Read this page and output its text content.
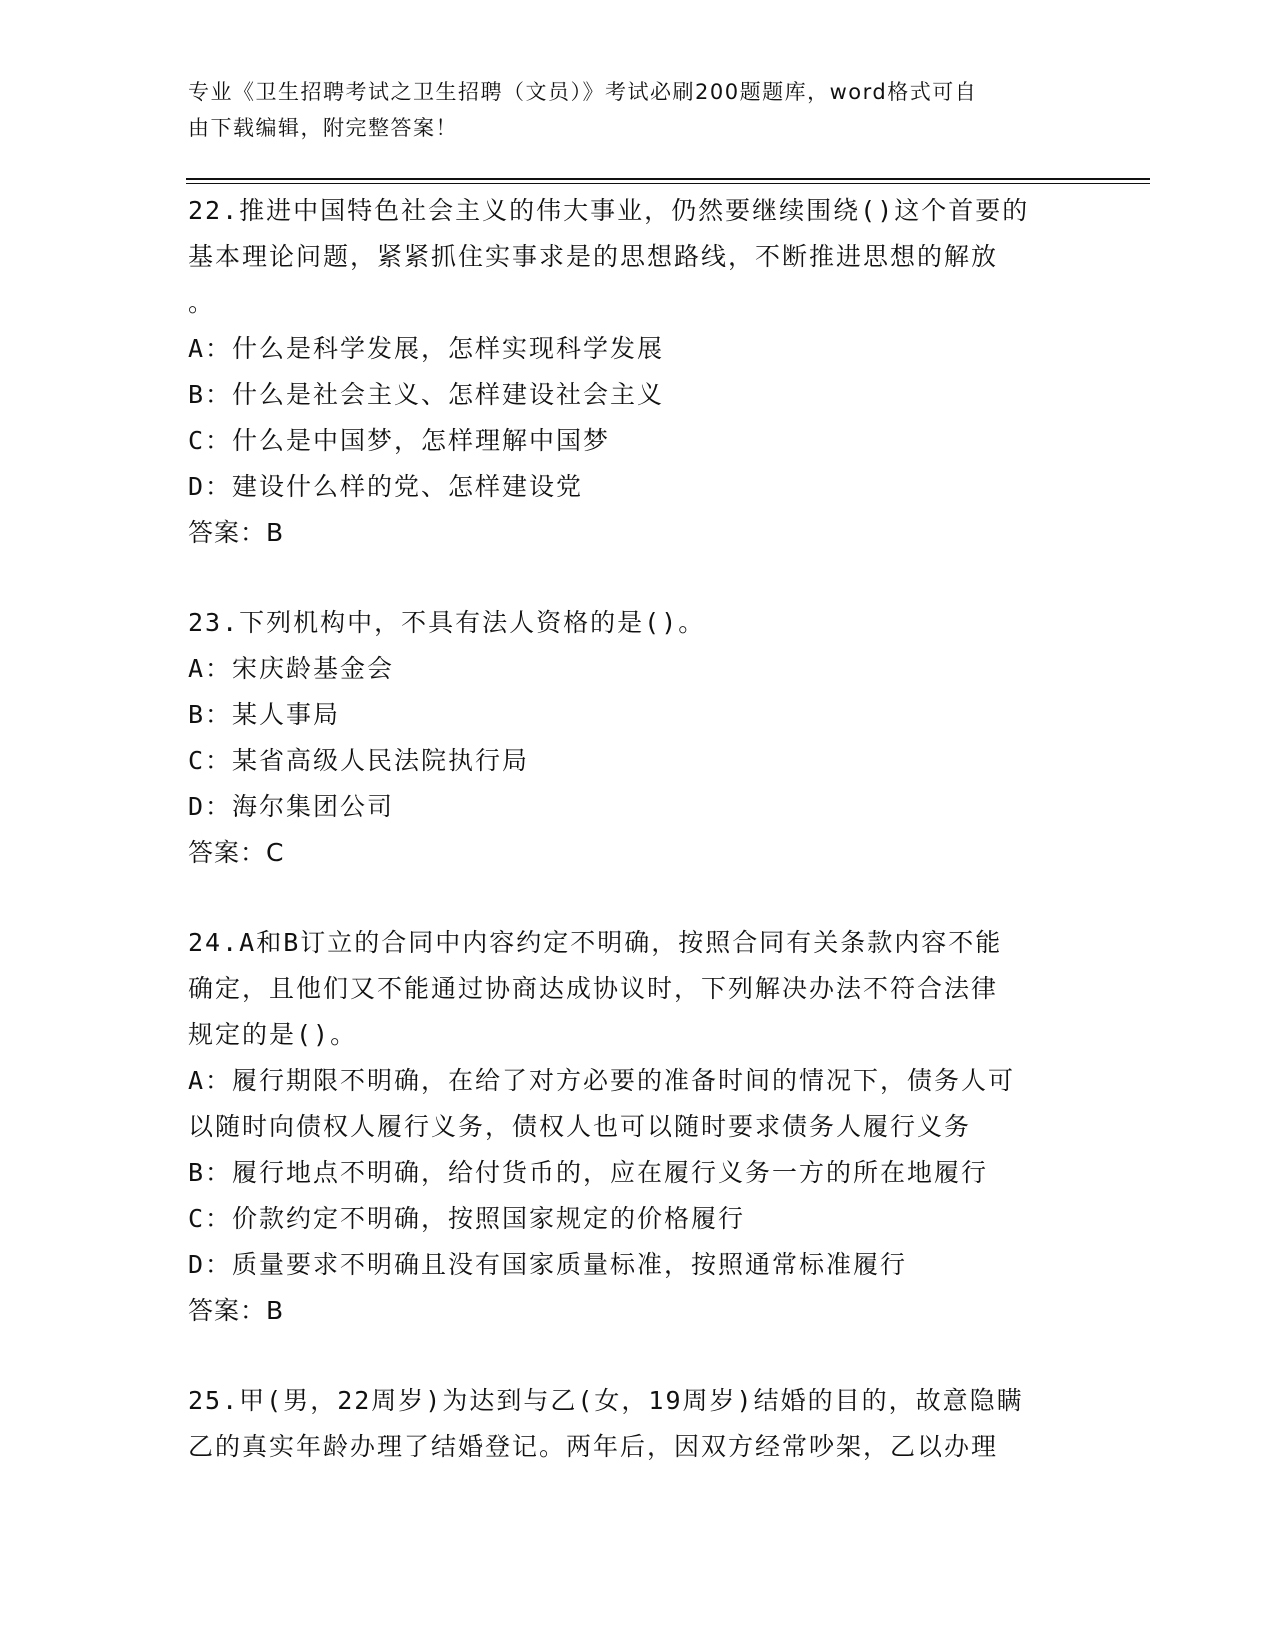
专业《卫生招聘考试之卫生招聘（文员）》考试必刷200题题库，word格式可自
由下载编辑，附完整答案！
22.推进中国特色社会主义的伟大事业，仍然要继续围绕()这个首要的
基本理论问题，紧紧抓住实事求是的思想路线，不断推进思想的解放
。
A：什么是科学发展，怎样实现科学发展
B：什么是社会主义、怎样建设社会主义
C：什么是中国梦，怎样理解中国梦
D：建设什么样的党、怎样建设党
答案：B
23.下列机构中，不具有法人资格的是()。
A：宋庆龄基金会
B：某人事局
C：某省高级人民法院执行局
D：海尔集团公司
答案：C
24.A和B订立的合同中内容约定不明确，按照合同有关条款内容不能
确定，且他们又不能通过协商达成协议时，下列解决办法不符合法律
规定的是()。
A：履行期限不明确，在给了对方必要的准备时间的情况下，债务人可
以随时向债权人履行义务，债权人也可以随时要求债务人履行义务
B：履行地点不明确，给付货币的，应在履行义务一方的所在地履行
C：价款约定不明确，按照国家规定的价格履行
D：质量要求不明确且没有国家质量标准，按照通常标准履行
答案：B
25.甲(男，22周岁)为达到与乙(女，19周岁)结婚的目的，故意隐瞒
乙的真实年龄办理了结婚登记。两年后，因双方经常吵架，乙以办理
